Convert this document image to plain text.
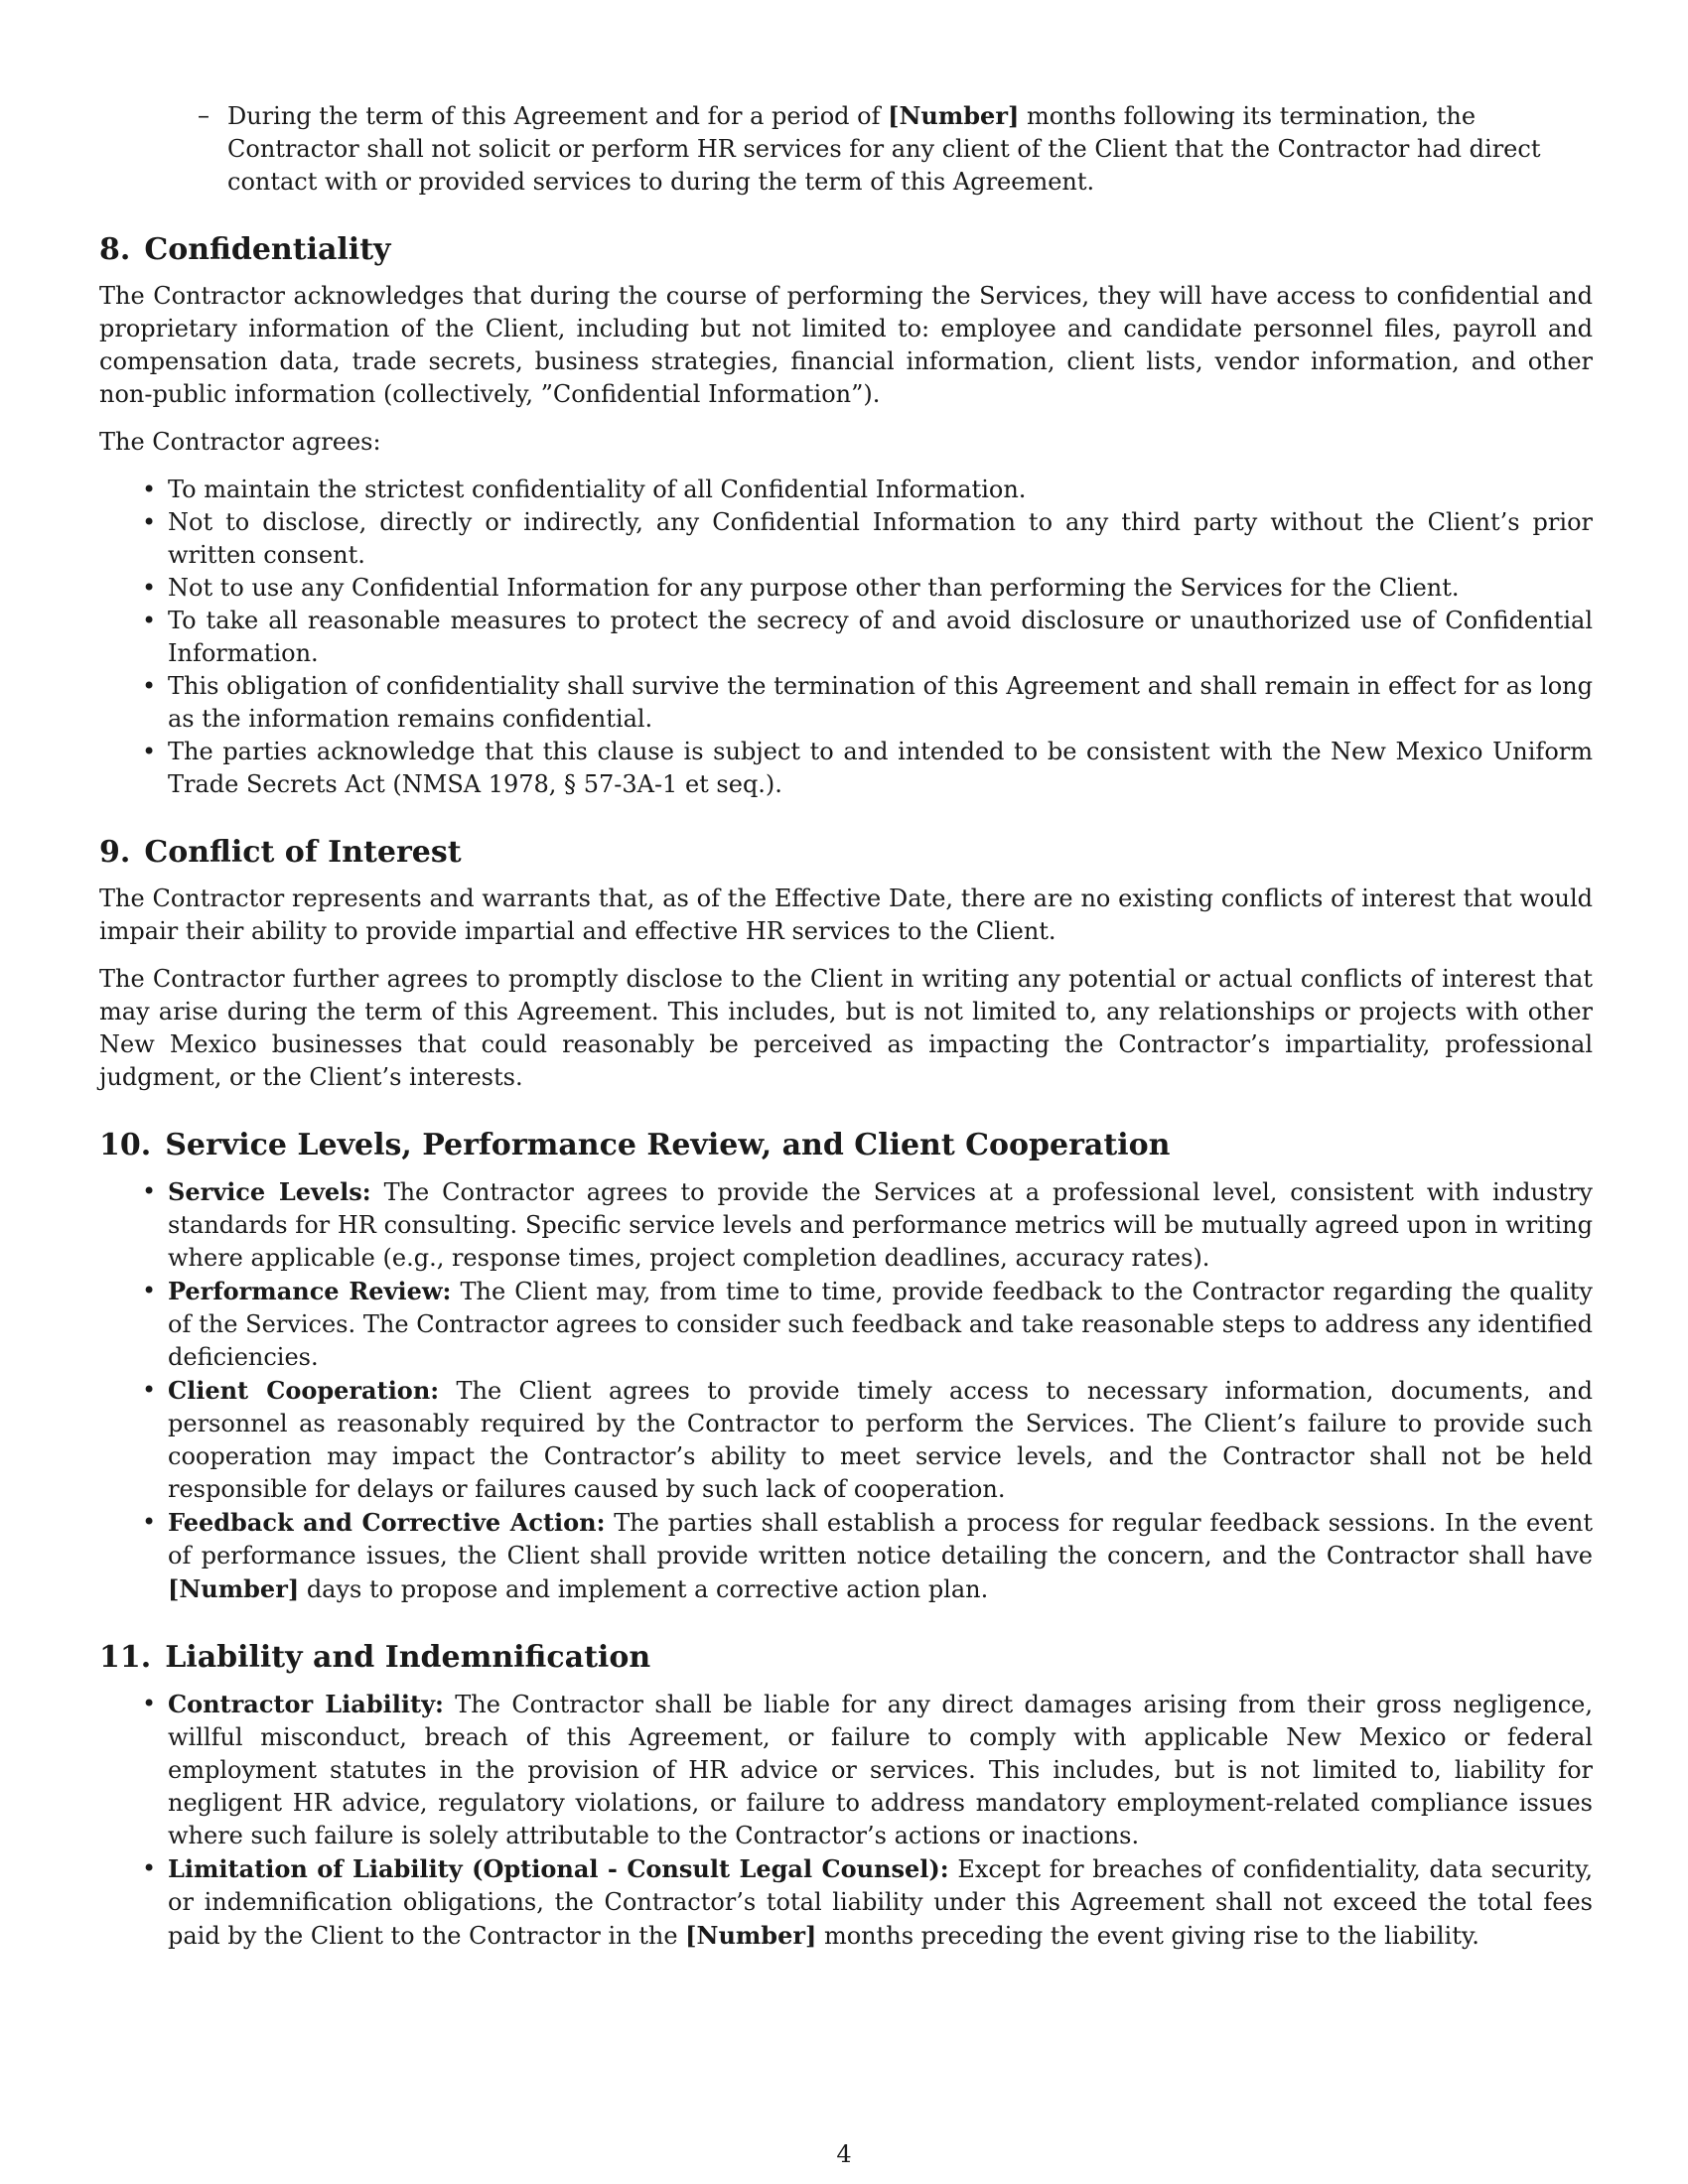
– During the term of this Agreement and for a period of [Number] months following its termination, the Contractor shall not solicit or perform HR services for any client of the Client that the Contractor had direct contact with or provided services to during the term of this Agreement.
8. Confidentiality

The Contractor acknowledges that during the course of performing the Services, they will have access to confidential and proprietary information of the Client, including but not limited to: employee and candidate personnel files, payroll and compensation data, trade secrets, business strategies, financial information, client lists, vendor information, and other non-public information (collectively, ”Confidential Information”).

The Contractor agrees:

• To maintain the strictest confidentiality of all Confidential Information.
• Not to disclose, directly or indirectly, any Confidential Information to any third party without the Client’s prior written consent.
• Not to use any Confidential Information for any purpose other than performing the Services for the Client.
• To take all reasonable measures to protect the secrecy of and avoid disclosure or unauthorized use of Confidential Information.
• This obligation of confidentiality shall survive the termination of this Agreement and shall remain in effect for as long as the information remains confidential.
• The parties acknowledge that this clause is subject to and intended to be consistent with the New Mexico Uniform Trade Secrets Act (NMSA 1978, § 57-3A-1 et seq.).
9. Conflict of Interest

The Contractor represents and warrants that, as of the Effective Date, there are no existing conflicts of interest that would impair their ability to provide impartial and effective HR services to the Client.

The Contractor further agrees to promptly disclose to the Client in writing any potential or actual conflicts of interest that may arise during the term of this Agreement. This includes, but is not limited to, any relationships or projects with other New Mexico businesses that could reasonably be perceived as impacting the Contractor’s impartiality, professional judgment, or the Client’s interests.

10. Service Levels, Performance Review, and Client Cooperation
• Service Levels: The Contractor agrees to provide the Services at a professional level, consistent with industry standards for HR consulting. Specific service levels and performance metrics will be mutually agreed upon in writing where applicable (e.g., response times, project completion deadlines, accuracy rates).
• Performance Review: The Client may, from time to time, provide feedback to the Contractor regarding the quality of the Services. The Contractor agrees to consider such feedback and take reasonable steps to address any identified deficiencies.
• Client Cooperation: The Client agrees to provide timely access to necessary information, documents, and personnel as reasonably required by the Contractor to perform the Services. The Client’s failure to provide such cooperation may impact the Contractor’s ability to meet service levels, and the Contractor shall not be held responsible for delays or failures caused by such lack of cooperation.
• Feedback and Corrective Action: The parties shall establish a process for regular feedback sessions. In the event of performance issues, the Client shall provide written notice detailing the concern, and the Contractor shall have [Number] days to propose and implement a corrective action plan.
11. Liability and Indemnification
• Contractor Liability: The Contractor shall be liable for any direct damages arising from their gross negligence, willful misconduct, breach of this Agreement, or failure to comply with applicable New Mexico or federal employment statutes in the provision of HR advice or services. This includes, but is not limited to, liability for negligent HR advice, regulatory violations, or failure to address mandatory employment-related compliance issues where such failure is solely attributable to the Contractor’s actions or inactions.
• Limitation of Liability (Optional - Consult Legal Counsel): Except for breaches of confidentiality, data security, or indemnification obligations, the Contractor’s total liability under this Agreement shall not exceed the total fees paid by the Client to the Contractor in the [Number] months preceding the event giving rise to the liability.
4
